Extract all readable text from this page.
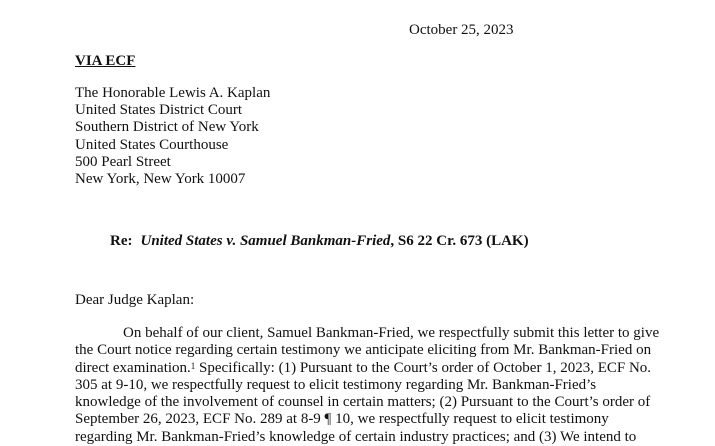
October 25, 2023
VIA ECF
The Honorable Lewis A. Kaplan
United States District Court
Southern District of New York
United States Courthouse
500 Pearl Street
New York, New York 10007
Re: United States v. Samuel Bankman-Fried, S6 22 Cr. 673 (LAK)
Dear Judge Kaplan:
On behalf of our client, Samuel Bankman-Fried, we respectfully submit this letter to give
the Court notice regarding certain testimony we anticipate eliciting from Mr. Bankman-Fried on
direct examination.$^1$ Specifically: (1) Pursuant to the Court’s order of October 1, 2023, ECF No.
305 at 9-10, we respectfully request to elicit testimony regarding Mr. Bankman-Fried’s
knowledge of the involvement of counsel in certain matters; (2) Pursuant to the Court’s order of
September 26, 2023, ECF No. 289 at 8-9 ¶ 10, we respectfully request to elicit testimony
regarding Mr. Bankman-Fried’s knowledge of certain industry practices; and (3) We intend to
